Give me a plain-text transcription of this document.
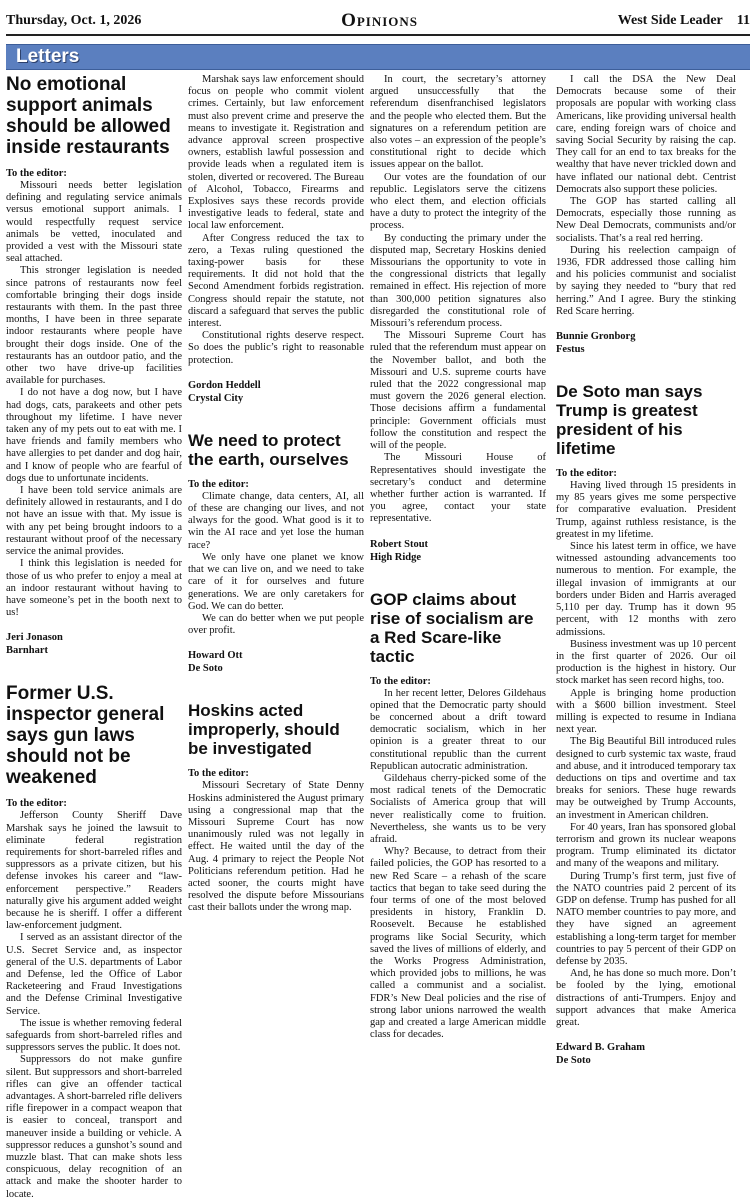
Thursday, Oct. 1, 2026	Opinions	West Side Leader 11
Letters
No emotional support animals should be allowed inside restaurants

To the editor:

Missouri needs better legislation defining and regulating service animals versus emotional support animals. I would respectfully request service animals be vetted, inoculated and provided a vest with the Missouri state seal attached.

This stronger legislation is needed since patrons of restaurants now feel comfortable bringing their dogs inside restaurants with them. In the past three months, I have been in three separate indoor restaurants where people have brought their dogs inside. One of the restaurants has an outdoor patio, and the other two have drive-up facilities available for purchases.

I do not have a dog now, but I have had dogs, cats, parakeets and other pets throughout my lifetime. I have never taken any of my pets out to eat with me. I have friends and family members who have allergies to pet dander and dog hair, and I know of people who are fearful of dogs due to unfortunate incidents.

I have been told service animals are definitely allowed in restaurants, and I do not have an issue with that. My issue is with any pet being brought indoors to a restaurant without proof of the necessary service the animal provides.

I think this legislation is needed for those of us who prefer to enjoy a meal at an indoor restaurant without having to have someone’s pet in the booth next to us!

Jeri Jonason
Barnhart

Former U.S. inspector general says gun laws should not be weakened

To the editor:

Jefferson County Sheriff Dave Marshak says he joined the lawsuit to eliminate federal registration requirements for short-barreled rifles and suppressors as a private citizen, but his defense invokes his career and “law-enforcement perspective.” Readers naturally give his argument added weight because he is sheriff. I offer a different law-enforcement judgment.

I served as an assistant director of the U.S. Secret Service and, as inspector general of the U.S. departments of Labor and Defense, led the Office of Labor Racketeering and Fraud Investigations and the Defense Criminal Investigative Service.

The issue is whether removing federal safeguards from short-barreled rifles and suppressors serves the public. It does not.

Suppressors do not make gunfire silent. But suppressors and short-barreled rifles can give an offender tactical advantages. A short-barreled rifle delivers rifle firepower in a compact weapon that is easier to conceal, transport and maneuver inside a building or vehicle. A suppressor reduces a gunshot’s sound and muzzle blast. That can make shots less conspicuous, delay recognition of an attack and make the shooter harder to locate.

Marshak says law enforcement should focus on people who commit violent crimes. Certainly, but law enforcement must also prevent crime and preserve the means to investigate it. Registration and advance approval screen prospective owners, establish lawful possession and provide leads when a regulated item is stolen, diverted or recovered. The Bureau of Alcohol, Tobacco, Firearms and Explosives says these records provide investigative leads to federal, state and local law enforcement.

After Congress reduced the tax to zero, a Texas ruling questioned the taxing-power basis for these requirements. It did not hold that the Second Amendment forbids registration. Congress should repair the statute, not discard a safeguard that serves the public interest.

Constitutional rights deserve respect. So does the public’s right to reasonable protection.

Gordon Heddell
Crystal City

We need to protect the earth, ourselves

To the editor:

Climate change, data centers, AI, all of these are changing our lives, and not always for the good. What good is it to win the AI race and yet lose the human race?

We only have one planet we know that we can live on, and we need to take care of it for ourselves and future generations. We are only caretakers for God. We can do better.

We can do better when we put people over profit.

Howard Ott
De Soto

Hoskins acted improperly, should be investigated

To the editor:

Missouri Secretary of State Denny Hoskins administered the August primary using a congressional map that the Missouri Supreme Court has now unanimously ruled was not legally in effect. He waited until the day of the Aug. 4 primary to reject the People Not Politicians referendum petition. Had he acted sooner, the courts might have resolved the dispute before Missourians cast their ballots under the wrong map.

In court, the secretary’s attorney argued unsuccessfully that the referendum disenfranchised legislators and the people who elected them. But the signatures on a referendum petition are also votes – an expression of the people’s constitutional right to decide which issues appear on the ballot.

Our votes are the foundation of our republic. Legislators serve the citizens who elect them, and election officials have a duty to protect the integrity of the process.

By conducting the primary under the disputed map, Secretary Hoskins denied Missourians the opportunity to vote in the congressional districts that legally remained in effect. His rejection of more than 300,000 petition signatures also disregarded the constitutional role of Missouri’s referendum process.

The Missouri Supreme Court has ruled that the referendum must appear on the November ballot, and both the Missouri and U.S. supreme courts have ruled that the 2022 congressional map must govern the 2026 general election. Those decisions affirm a fundamental principle: Government officials must follow the constitution and respect the will of the people.

The Missouri House of Representatives should investigate the secretary’s conduct and determine whether further action is warranted. If you agree, contact your state representative.

Robert Stout
High Ridge

GOP claims about rise of socialism are a Red Scare-like tactic

To the editor:

In her recent letter, Delores Gildehaus opined that the Democratic party should be concerned about a drift toward democratic socialism, which in her opinion is a greater threat to our constitutional republic than the current Republican autocratic administration.

Gildehaus cherry-picked some of the most radical tenets of the Democratic Socialists of America group that will never realistically come to fruition. Nevertheless, she wants us to be very afraid.

Why? Because, to detract from their failed policies, the GOP has resorted to a new Red Scare – a rehash of the scare tactics that began to take seed during the four terms of one of the most beloved presidents in history, Franklin D. Roosevelt. Because he established programs like Social Security, which saved the lives of millions of elderly, and the Works Progress Administration, which provided jobs to millions, he was called a communist and a socialist. FDR’s New Deal policies and the rise of strong labor unions narrowed the wealth gap and created a large American middle class for decades.

I call the DSA the New Deal Democrats because some of their proposals are popular with working class Americans, like providing universal health care, ending foreign wars of choice and saving Social Security by raising the cap. They call for an end to tax breaks for the wealthy that have never trickled down and have inflated our national debt. Centrist Democrats also support these policies.

The GOP has started calling all Democrats, especially those running as New Deal Democrats, communists and/or socialists. That’s a real red herring.

During his reelection campaign of 1936, FDR addressed those calling him and his policies communist and socialist by saying they needed to “bury that red herring.” And I agree. Bury the stinking Red Scare herring.

Bunnie Gronborg
Festus

De Soto man says Trump is greatest president of his lifetime

To the editor:

Having lived through 15 presidents in my 85 years gives me some perspective for comparative evaluation. President Trump, against ruthless resistance, is the greatest in my lifetime.

Since his latest term in office, we have witnessed astounding advancements too numerous to mention. For example, the illegal invasion of immigrants at our borders under Biden and Harris averaged 5,110 per day. Trump has it down 95 percent, with 12 months with zero admissions.

Business investment was up 10 percent in the first quarter of 2026. Our oil production is the highest in history. Our stock market has seen record highs, too.

Apple is bringing home production with a $600 billion investment. Steel milling is expected to resume in Indiana next year.

The Big Beautiful Bill introduced rules designed to curb systemic tax waste, fraud and abuse, and it introduced temporary tax deductions on tips and overtime and tax breaks for seniors. These huge rewards may be outweighed by Trump Accounts, an investment in American children.

For 40 years, Iran has sponsored global terrorism and grown its nuclear weapons program. Trump eliminated its dictator and many of the weapons and military.

During Trump’s first term, just five of the NATO countries paid 2 percent of its GDP on defense. Trump has pushed for all NATO member countries to pay more, and they have signed an agreement establishing a long-term target for member countries to pay 5 percent of their GDP on defense by 2035.

And, he has done so much more. Don’t be fooled by the lying, emotional distractions of anti-Trumpers. Enjoy and support advances that make America great.

Edward B. Graham
De Soto
